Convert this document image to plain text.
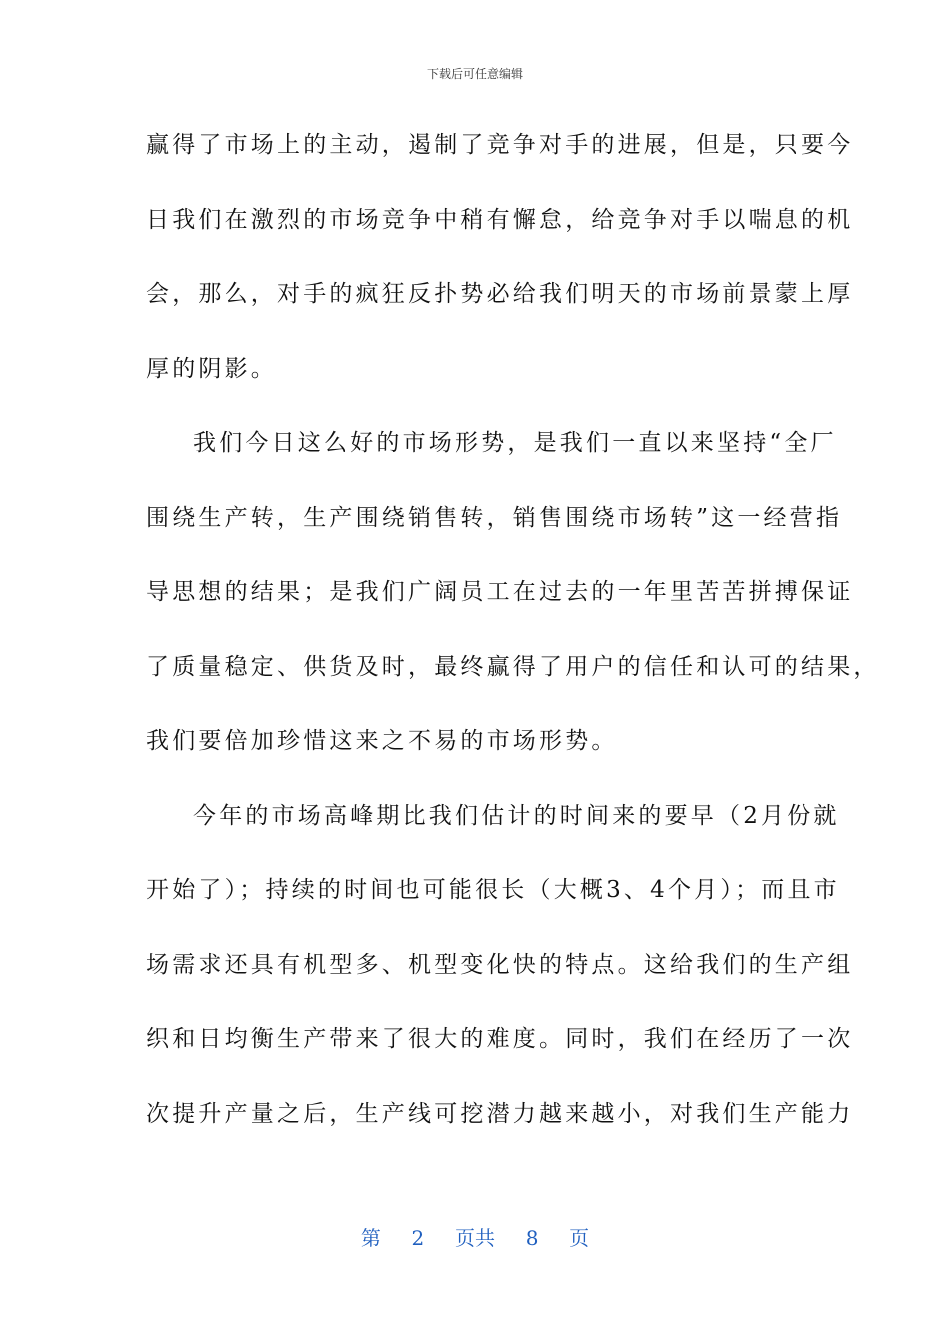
下载后可任意编辑
赢得了市场上的主动，遏制了竞争对手的进展，但是，只要今
日我们在激烈的市场竞争中稍有懈怠，给竞争对手以喘息的机
会，那么，对手的疯狂反扑势必给我们明天的市场前景蒙上厚
厚的阴影。
我们今日这么好的市场形势，是我们一直以来坚持“全厂
围绕生产转，生产围绕销售转，销售围绕市场转”这一经营指
导思想的结果；是我们广阔员工在过去的一年里苦苦拼搏保证
了质量稳定、供货及时，最终赢得了用户的信任和认可的结果，
我们要倍加珍惜这来之不易的市场形势。
今年的市场高峰期比我们估计的时间来的要早（2月份就
开始了）；持续的时间也可能很长（大概3、4个月）；而且市
场需求还具有机型多、机型变化快的特点。这给我们的生产组
织和日均衡生产带来了很大的难度。同时，我们在经历了一次
次提升产量之后，生产线可挖潜力越来越小，对我们生产能力
第 2 页共 8 页
